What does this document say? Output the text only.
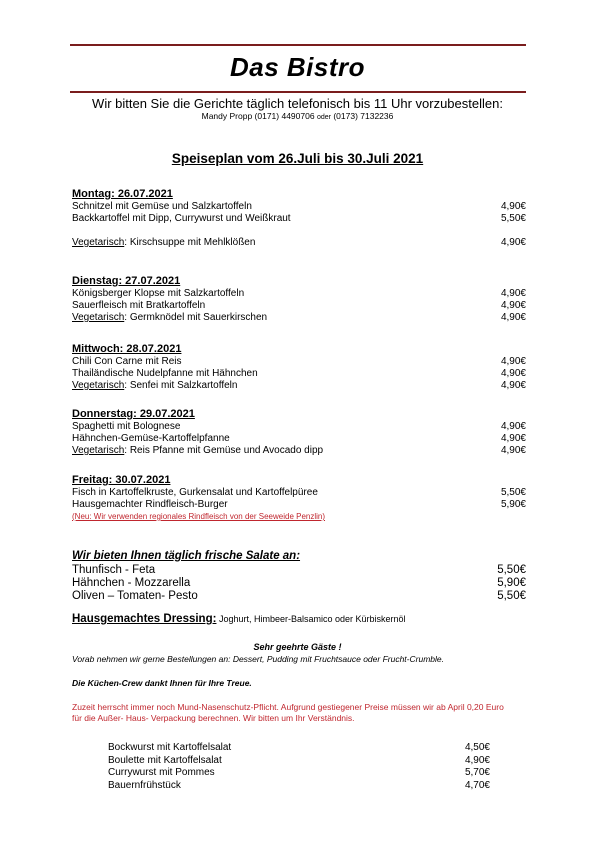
Das Bistro
Wir bitten Sie die Gerichte täglich telefonisch bis 11 Uhr vorzubestellen:
Mandy Propp (0171) 4490706 oder (0173) 7132236
Speiseplan vom 26.Juli bis 30.Juli 2021
Montag: 26.07.2021
Schnitzel mit Gemüse und Salzkartoffeln	4,90€
Backkartoffel mit Dipp, Currywurst und Weißkraut	5,50€
Vegetarisch: Kirschsuppe mit Mehlklößen	4,90€
Dienstag: 27.07.2021
Königsberger Klopse mit Salzkartoffeln	4,90€
Sauerfleisch mit Bratkartoffeln	4,90€
Vegetarisch: Germknödel mit Sauerkirschen	4,90€
Mittwoch: 28.07.2021
Chili Con Carne mit Reis	4,90€
Thailändische Nudelpfanne mit Hähnchen	4,90€
Vegetarisch: Senfei mit Salzkartoffeln	4,90€
Donnerstag: 29.07.2021
Spaghetti mit Bolognese	4,90€
Hähnchen-Gemüse-Kartoffelpfanne	4,90€
Vegetarisch: Reis Pfanne mit Gemüse und Avocado dipp	4,90€
Freitag: 30.07.2021
Fisch in Kartoffelkruste, Gurkensalat und Kartoffelpüree	5,50€
Hausgemachter Rindfleisch-Burger	5,90€
(Neu: Wir verwenden regionales Rindfleisch von der Seeweide Penzlin)
Wir bieten Ihnen täglich frische Salate an:
Thunfisch - Feta	5,50€
Hähnchen - Mozzarella	5,90€
Oliven – Tomaten- Pesto	5,50€
Hausgemachtes Dressing: Joghurt, Himbeer-Balsamico oder Kürbiskernöl
Sehr geehrte Gäste !
Vorab nehmen wir gerne Bestellungen an: Dessert, Pudding mit Fruchtsauce oder Frucht-Crumble.
Die Küchen-Crew dankt Ihnen für Ihre Treue.
Zuzeit herrscht immer noch Mund-Nasenschutz-Pflicht. Aufgrund gestiegener Preise müssen wir ab April 0,20 Euro für die Außer- Haus- Verpackung berechnen. Wir bitten um Ihr Verständnis.
Bockwurst mit Kartoffelsalat	4,50€
Boulette mit Kartoffelsalat	4,90€
Currywurst mit Pommes	5,70€
Bauernfrühstück	4,70€
